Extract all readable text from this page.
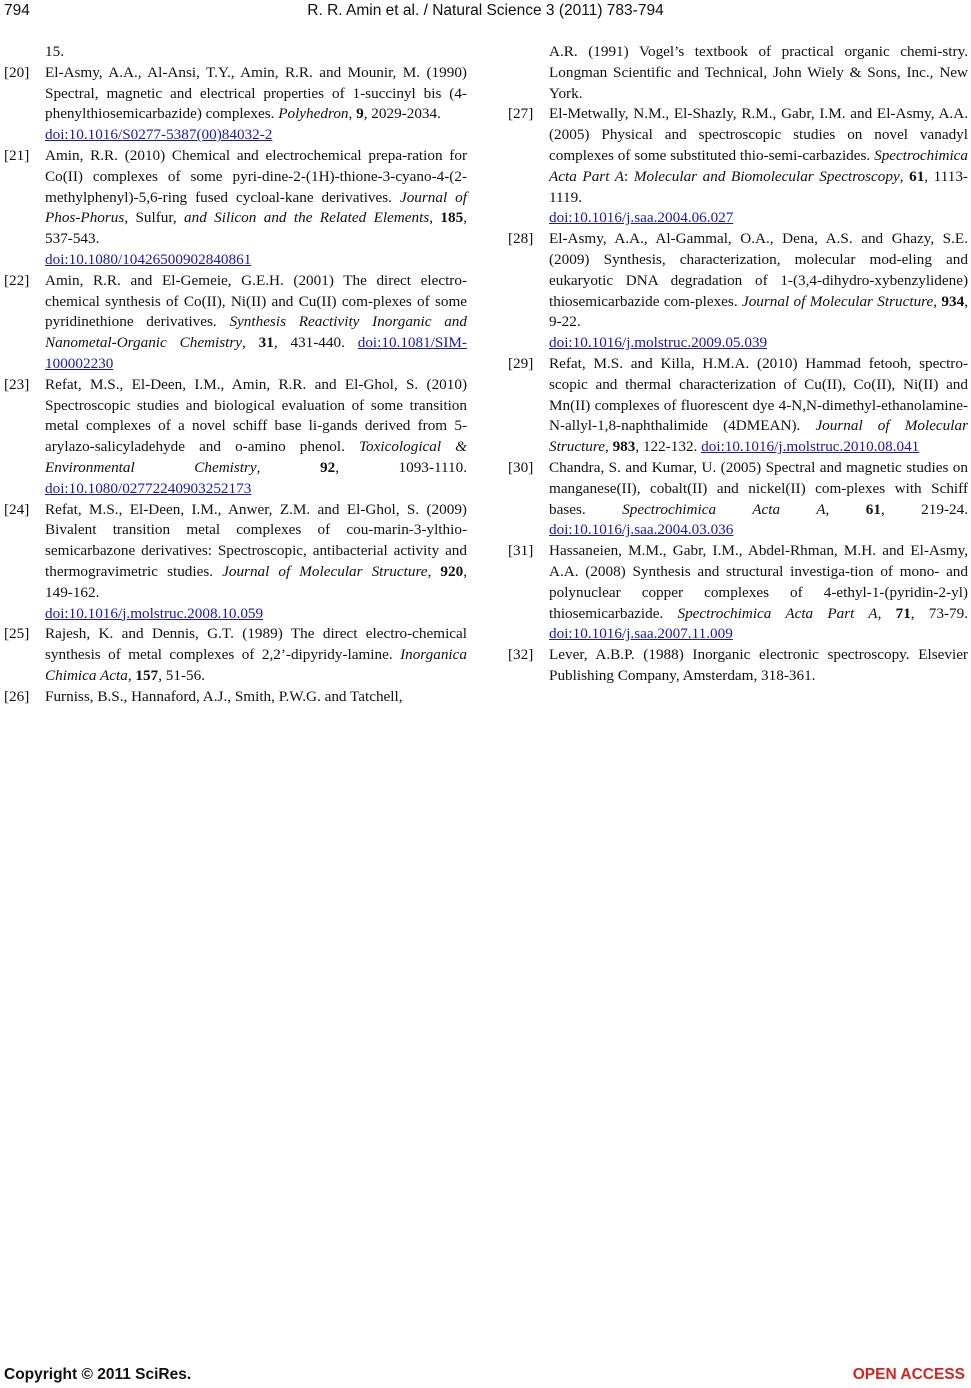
794	R. R. Amin et al. / Natural Science 3 (2011) 783-794
15.
[20] El-Asmy, A.A., Al-Ansi, T.Y., Amin, R.R. and Mounir, M. (1990) Spectral, magnetic and electrical properties of 1-succinyl bis (4-phenylthiosemicarbazide) complexes. Polyhedron, 9, 2029-2034.
doi:10.1016/S0277-5387(00)84032-2
[21] Amin, R.R. (2010) Chemical and electrochemical prepa-ration for Co(II) complexes of some pyri-dine-2-(1H)-thione-3-cyano-4-(2-methylphenyl)-5,6-ring fused cycloal-kane derivatives. Journal of Phos-Phorus, Sulfur, and Silicon and the Related Elements, 185, 537-543.
doi:10.1080/10426500902840861
[22] Amin, R.R. and El-Gemeie, G.E.H. (2001) The direct electro-chemical synthesis of Co(II), Ni(II) and Cu(II) com-plexes of some pyridinethione derivatives. Synthesis Reactivity Inorganic and Nanometal-Organic Chemistry, 31, 431-440. doi:10.1081/SIM-100002230
[23] Refat, M.S., El-Deen, I.M., Amin, R.R. and El-Ghol, S. (2010) Spectroscopic studies and biological evaluation of some transition metal complexes of a novel schiff base li-gands derived from 5-arylazo-salicyladehyde and o-amino phenol. Toxicological & Environmental Chemistry, 92, 1093-1110. doi:10.1080/02772240903252173
[24] Refat, M.S., El-Deen, I.M., Anwer, Z.M. and El-Ghol, S. (2009) Bivalent transition metal complexes of cou-marin-3-ylthio-semicarbazone derivatives: Spectroscopic, antibacterial activity and thermogravimetric studies. Journal of Molecular Structure, 920, 149-162.
doi:10.1016/j.molstruc.2008.10.059
[25] Rajesh, K. and Dennis, G.T. (1989) The direct electro-chemical synthesis of metal complexes of 2,2’-dipyridy-lamine. Inorganica Chimica Acta, 157, 51-56.
[26] Furniss, B.S., Hannaford, A.J., Smith, P.W.G. and Tatchell,
A.R. (1991) Vogel’s textbook of practical organic chemi-stry. Longman Scientific and Technical, John Wiely & Sons, Inc., New York.
[27] El-Metwally, N.M., El-Shazly, R.M., Gabr, I.M. and El-Asmy, A.A. (2005) Physical and spectroscopic studies on novel vanadyl complexes of some substituted thio-semi-carbazides. Spectrochimica Acta Part A: Molecular and Biomolecular Spectroscopy, 61, 1113-1119.
doi:10.1016/j.saa.2004.06.027
[28] El-Asmy, A.A., Al-Gammal, O.A., Dena, A.S. and Ghazy, S.E. (2009) Synthesis, characterization, molecular mod-eling and eukaryotic DNA degradation of 1-(3,4-dihydro-xybenzylidene) thiosemicarbazide com-plexes. Journal of Molecular Structure, 934, 9-22.
doi:10.1016/j.molstruc.2009.05.039
[29] Refat, M.S. and Killa, H.M.A. (2010) Hammad fetooh, spectro-scopic and thermal characterization of Cu(II), Co(II), Ni(II) and Mn(II) complexes of fluorescent dye 4-N,N-dimethyl-ethanolamine-N-allyl-1,8-naphthalimide (4DMEAN). Journal of Molecular Structure, 983, 122-132. doi:10.1016/j.molstruc.2010.08.041
[30] Chandra, S. and Kumar, U. (2005) Spectral and magnetic studies on manganese(II), cobalt(II) and nickel(II) com-plexes with Schiff bases. Spectrochimica Acta A, 61, 219-24. doi:10.1016/j.saa.2004.03.036
[31] Hassaneien, M.M., Gabr, I.M., Abdel-Rhman, M.H. and El-Asmy, A.A. (2008) Synthesis and structural investiga-tion of mono- and polynuclear copper complexes of 4-ethyl-1-(pyridin-2-yl) thiosemicarbazide. Spectrochimica Acta Part A, 71, 73-79. doi:10.1016/j.saa.2007.11.009
[32] Lever, A.B.P. (1988) Inorganic electronic spectroscopy. Elsevier Publishing Company, Amsterdam, 318-361.
Copyright © 2011 SciRes.	OPEN ACCESS
